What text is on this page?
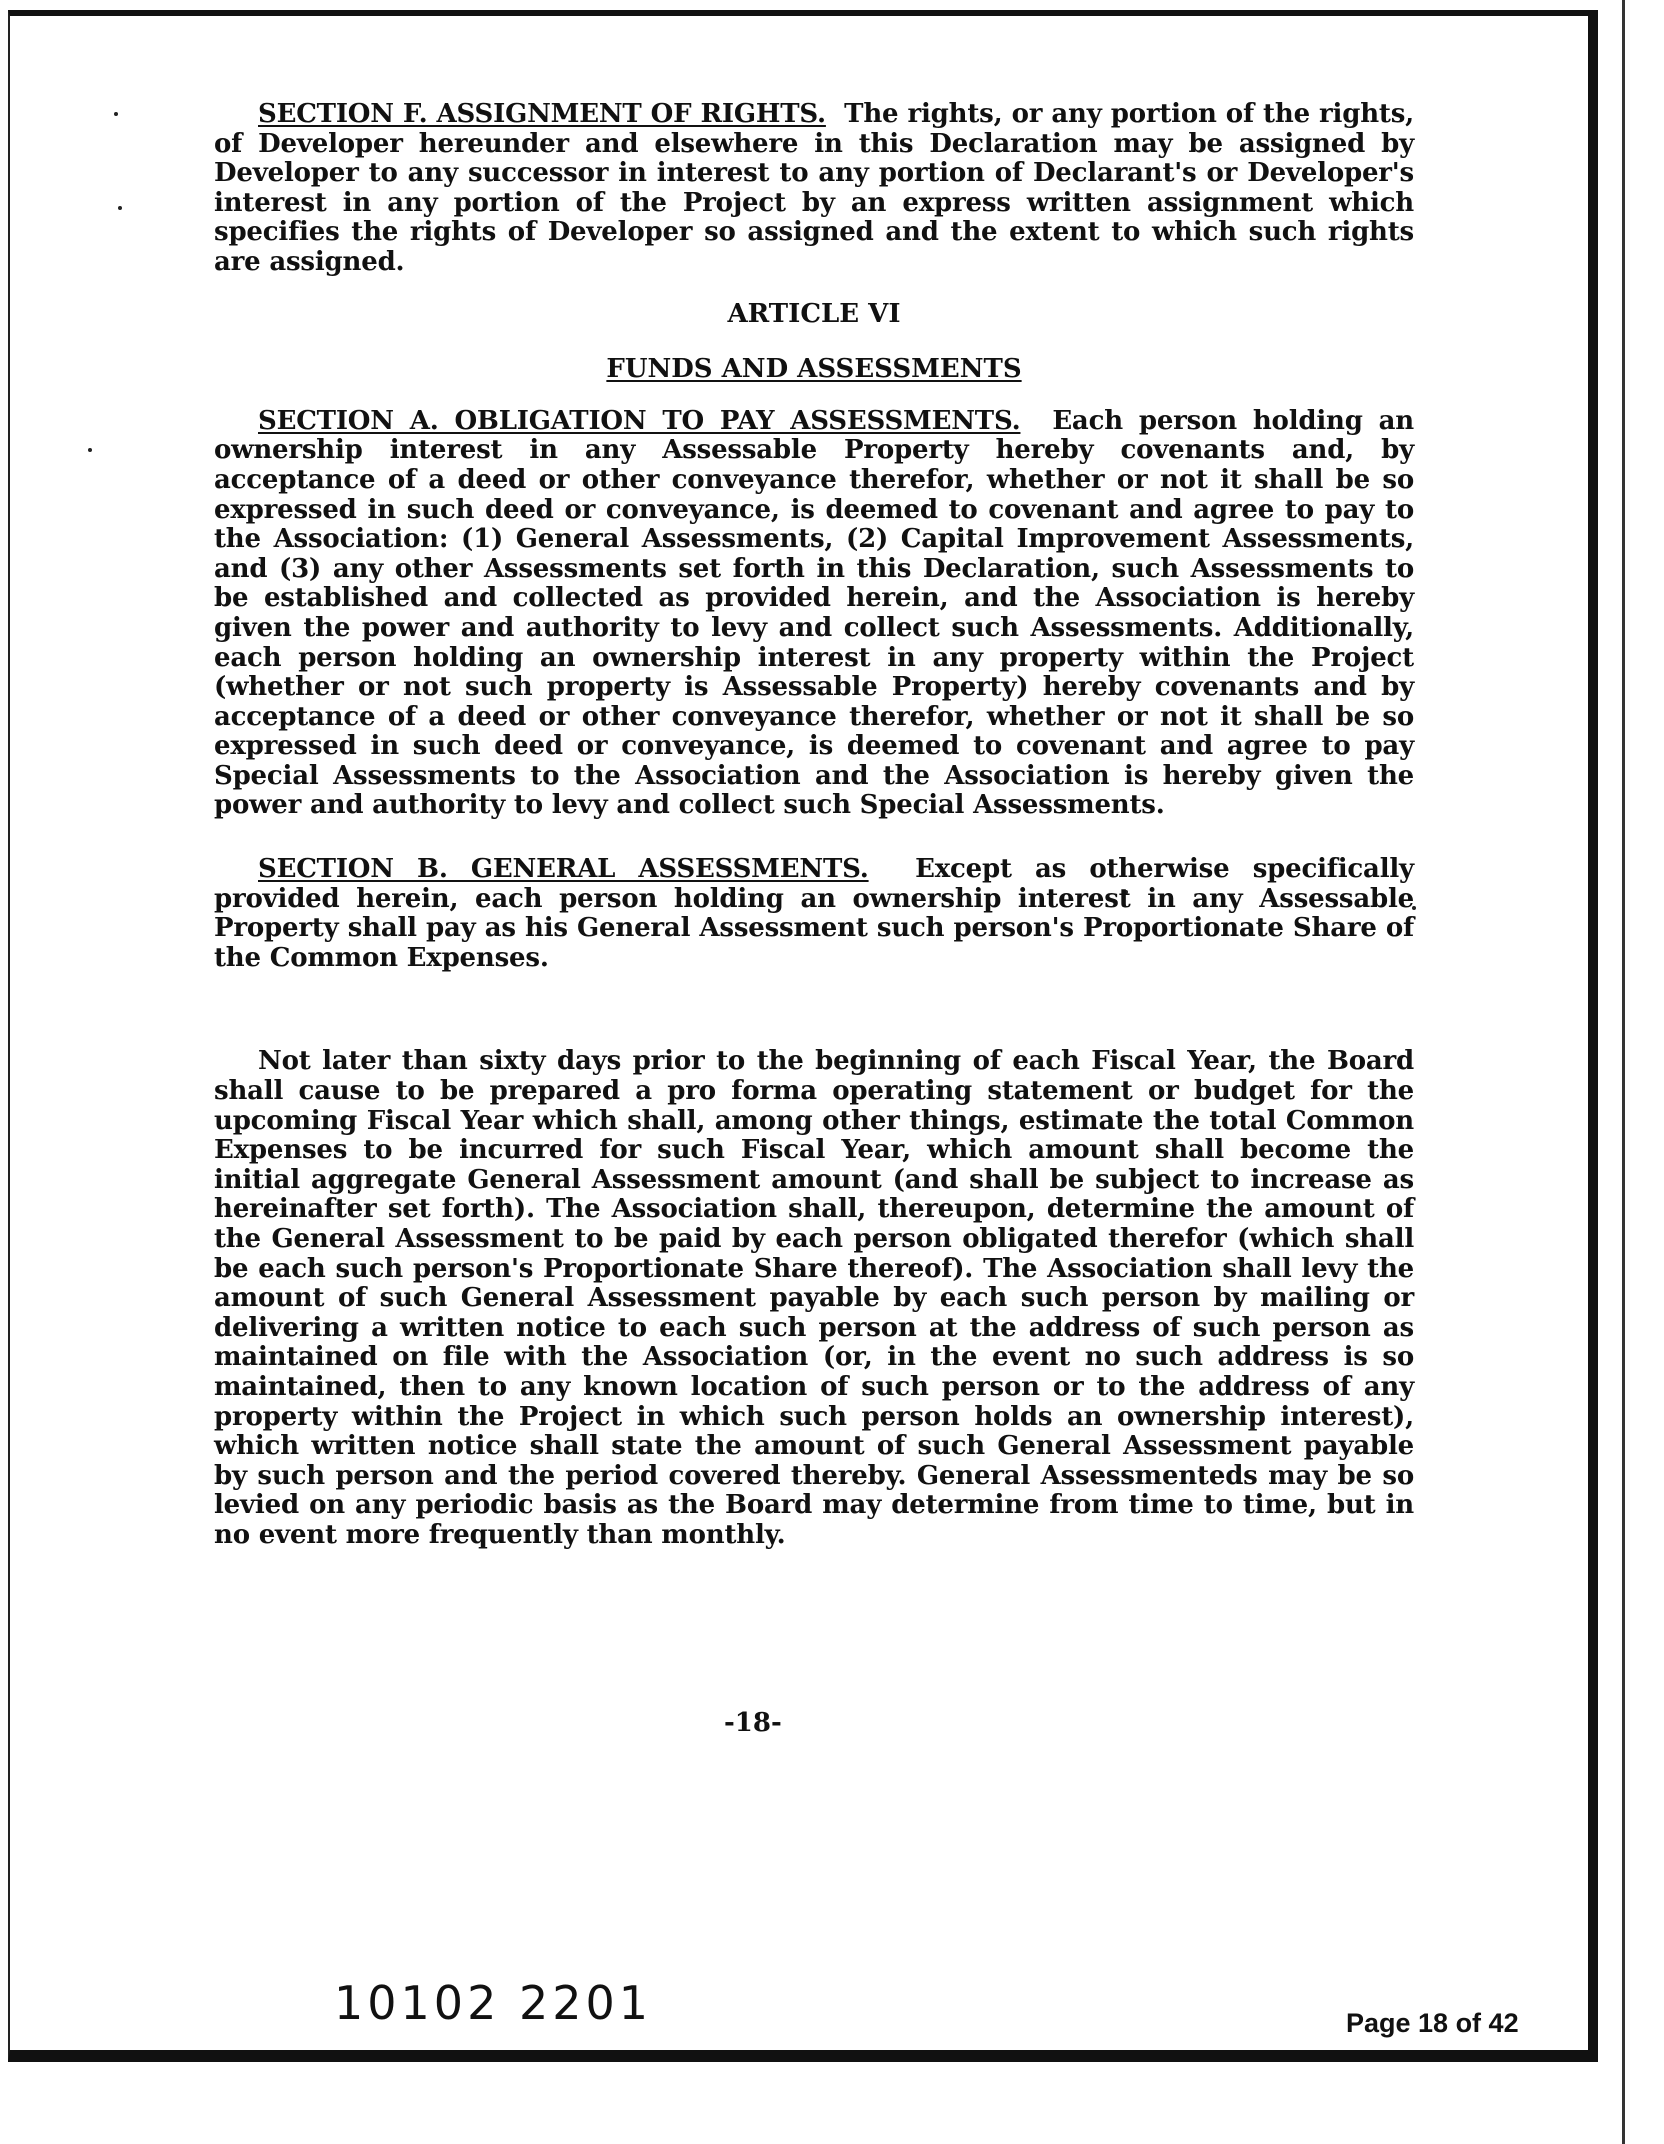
SECTION F. ASSIGNMENT OF RIGHTS. The rights, or any portion of the rights, of Developer hereunder and elsewhere in this Declaration may be assigned by Developer to any successor in interest to any portion of Declarant's or Developer's interest in any portion of the Project by an express written assignment which specifies the rights of Developer so assigned and the extent to which such rights are assigned.

ARTICLE VI

FUNDS AND ASSESSMENTS

SECTION A. OBLIGATION TO PAY ASSESSMENTS. Each person holding an ownership interest in any Assessable Property hereby covenants and, by acceptance of a deed or other conveyance therefor, whether or not it shall be so expressed in such deed or conveyance, is deemed to covenant and agree to pay to the Association: (1) General Assessments, (2) Capital Improvement Assessments, and (3) any other Assessments set forth in this Declaration, such Assessments to be established and collected as provided herein, and the Association is hereby given the power and authority to levy and collect such Assessments. Additionally, each person holding an ownership interest in any property within the Project (whether or not such property is Assessable Property) hereby covenants and by acceptance of a deed or other conveyance therefor, whether or not it shall be so expressed in such deed or conveyance, is deemed to covenant and agree to pay Special Assessments to the Association and the Association is hereby given the power and authority to levy and collect such Special Assessments.

SECTION B. GENERAL ASSESSMENTS. Except as otherwise specifically provided herein, each person holding an ownership interest in any Assessable Property shall pay as his General Assessment such person's Proportionate Share of the Common Expenses.

Not later than sixty days prior to the beginning of each Fiscal Year, the Board shall cause to be prepared a pro forma operating statement or budget for the upcoming Fiscal Year which shall, among other things, estimate the total Common Expenses to be incurred for such Fiscal Year, which amount shall become the initial aggregate General Assessment amount (and shall be subject to increase as hereinafter set forth). The Association shall, thereupon, determine the amount of the General Assessment to be paid by each person obligated therefor (which shall be each such person's Proportionate Share thereof). The Association shall levy the amount of such General Assessment payable by each such person by mailing or delivering a written notice to each such person at the address of such person as maintained on file with the Association (or, in the event no such address is so maintained, then to any known location of such person or to the address of any property within the Project in which such person holds an ownership interest), which written notice shall state the amount of such General Assessment payable by such person and the period covered thereby. General Assessmenteds may be so levied on any periodic basis as the Board may determine from time to time, but in no event more frequently than monthly.

-18-
10102 2201	Page 18 of 42
